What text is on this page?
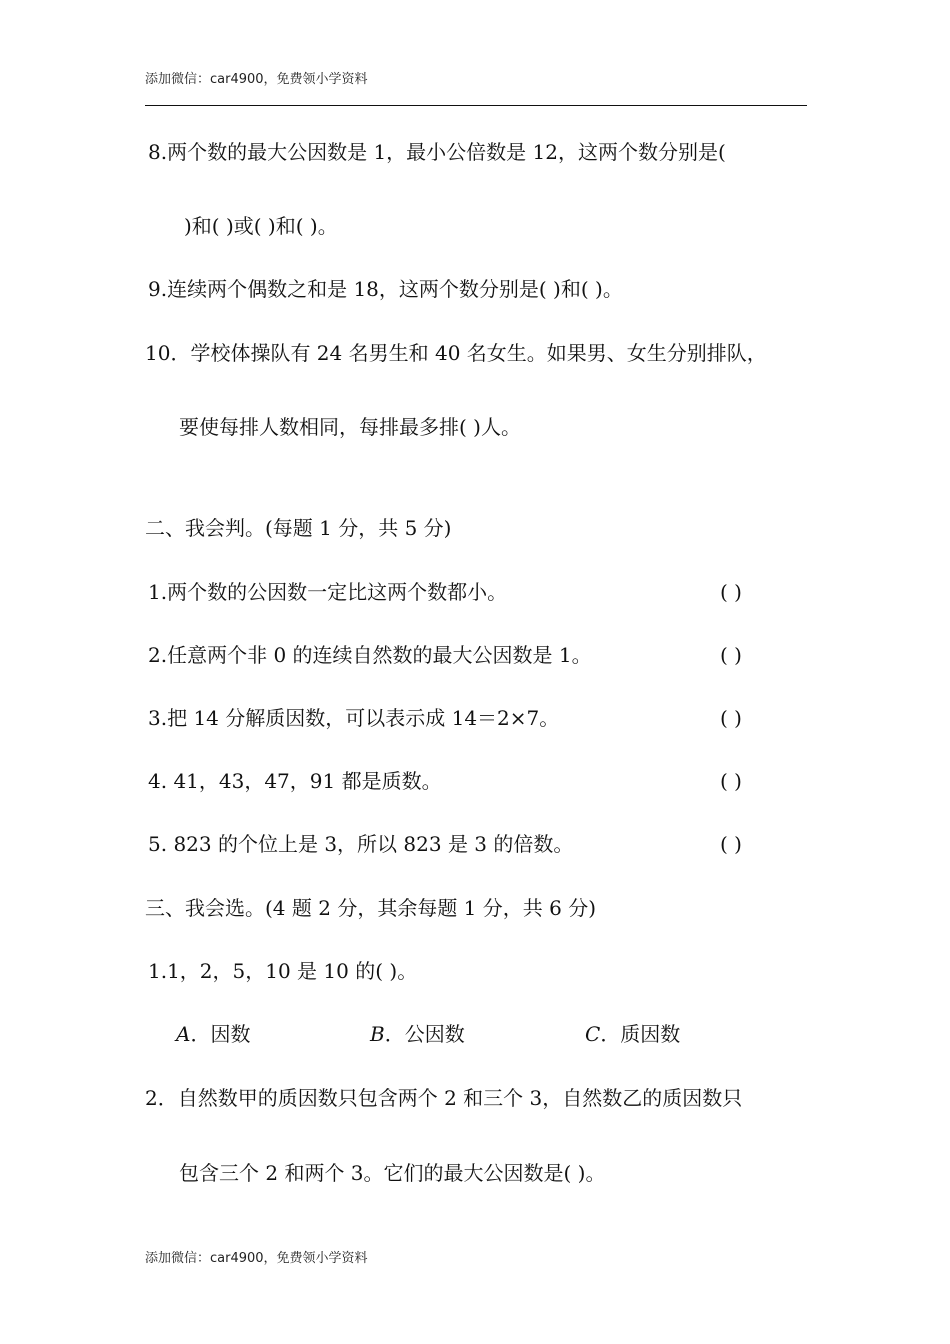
添加微信：car4900，免费领小学资料
8.两个数的最大公因数是 1，最小公倍数是 12，这两个数分别是(
)和( )或( )和( )。
9.连续两个偶数之和是 18，这两个数分别是( )和( )。
10．学校体操队有 24 名男生和 40 名女生。如果男、女生分别排队，
要使每排人数相同，每排最多排( )人。
二、我会判。(每题 1 分，共 5 分)
1.两个数的公因数一定比这两个数都小。	( )
2.任意两个非 0 的连续自然数的最大公因数是 1。	( )
3.把 14 分解质因数，可以表示成 14＝2×7。	( )
4. 41，43，47，91 都是质数。	( )
5. 823 的个位上是 3，所以 823 是 3 的倍数。	( )
三、我会选。(4 题 2 分，其余每题 1 分，共 6 分)
1.1，2，5，10 是 10 的( )。
A．因数	B．公因数	C．质因数
2．自然数甲的质因数只包含两个 2 和三个 3，自然数乙的质因数只
包含三个 2 和两个 3。它们的最大公因数是( )。
添加微信：car4900，免费领小学资料
